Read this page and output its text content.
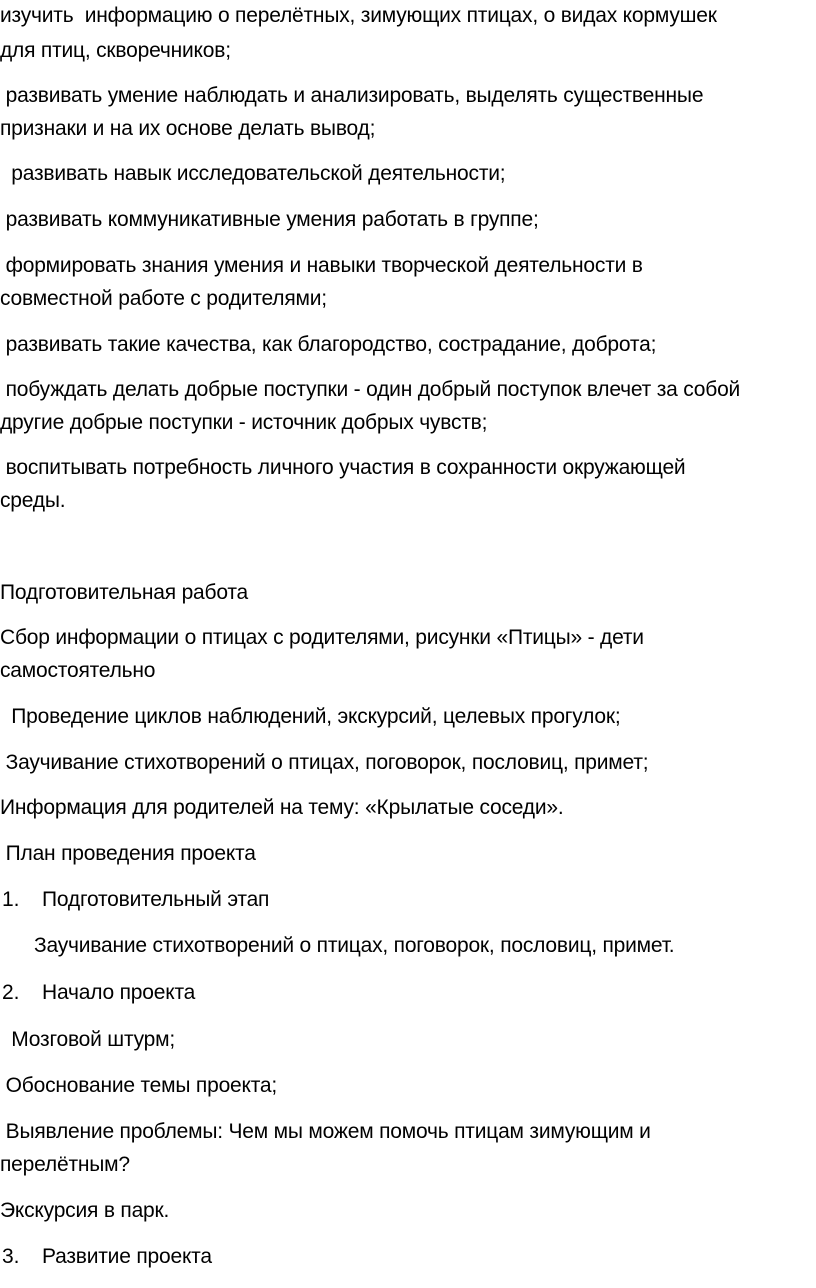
изучить  информацию о перелётных, зимующих птицах, о видах кормушек
для птиц, скворечников;
развивать умение наблюдать и анализировать, выделять существенные
признаки и на их основе делать вывод;
развивать навык исследовательской деятельности;
развивать коммуникативные умения работать в группе;
формировать знания умения и навыки творческой деятельности в
совместной работе с родителями;
развивать такие качества, как благородство, сострадание, доброта;
побуждать делать добрые поступки - один добрый поступок влечет за собой
другие добрые поступки - источник добрых чувств;
воспитывать потребность личного участия в сохранности окружающей
среды.
Подготовительная работа
Сбор информации о птицах с родителями, рисунки «Птицы» - дети
самостоятельно
Проведение циклов наблюдений, экскурсий, целевых прогулок;
Заучивание стихотворений о птицах, поговорок, пословиц, примет;
Информация для родителей на тему: «Крылатые соседи».
План проведения проекта
1. Подготовительный этап
Заучивание стихотворений о птицах, поговорок, пословиц, примет.
2. Начало проекта
Мозговой штурм;
Обоснование темы проекта;
Выявление проблемы: Чем мы можем помочь птицам зимующим и
перелётным?
Экскурсия в парк.
3. Развитие проекта
